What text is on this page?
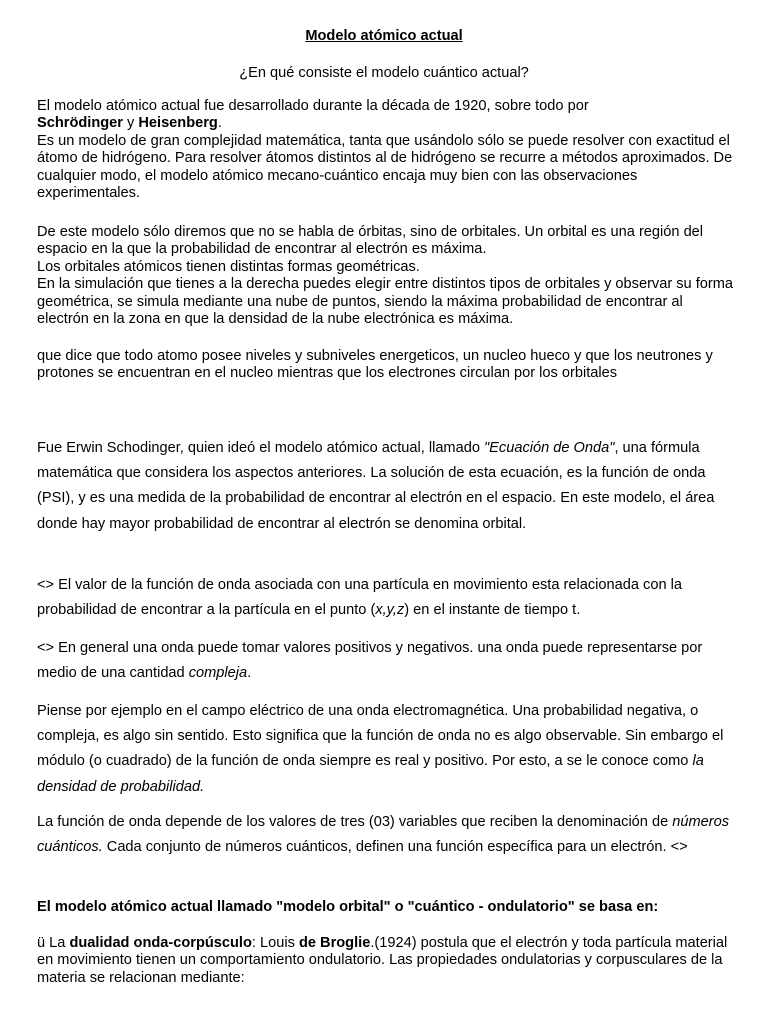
Modelo atómico actual

¿En qué consiste el modelo cuántico actual?

El modelo atómico actual fue desarrollado durante la década de 1920, sobre todo por
Schrödinger y Heisenberg.
Es un modelo de gran complejidad matemática, tanta que usándolo sólo se puede resolver con exactitud el átomo de hidrógeno. Para resolver átomos distintos al de hidrógeno se recurre a métodos aproximados. De cualquier modo, el modelo atómico mecano-cuántico encaja muy bien con las observaciones experimentales.

De este modelo sólo diremos que no se habla de órbitas, sino de orbitales. Un orbital es una región del espacio en la que la probabilidad de encontrar al electrón es máxima.
Los orbitales atómicos tienen distintas formas geométricas.
En la simulación que tienes a la derecha puedes elegir entre distintos tipos de orbitales y observar su forma geométrica, se simula mediante una nube de puntos, siendo la máxima probabilidad de encontrar al electrón en la zona en que la densidad de la nube electrónica es máxima.

que dice que todo atomo posee niveles y subniveles energeticos, un nucleo hueco y que los neutrones y protones se encuentran en el nucleo mientras que los electrones circulan por los orbitales

Fue Erwin Schodinger, quien ideó el modelo atómico actual, llamado "Ecuación de Onda", una fórmula matemática que considera los aspectos anteriores. La solución de esta ecuación, es la función de onda (PSI), y es una medida de la probabilidad de encontrar al electrón en el espacio. En este modelo, el área donde hay mayor probabilidad de encontrar al electrón se denomina orbital.

<> El valor de la función de onda asociada con una partícula en movimiento esta relacionada con la probabilidad de encontrar a la partícula en el punto (x,y,z) en el instante de tiempo t.

<> En general una onda puede tomar valores positivos y negativos. una onda puede representarse por medio de una cantidad compleja.

Piense por ejemplo en el campo eléctrico de una onda electromagnética. Una probabilidad negativa, o compleja, es algo sin sentido. Esto significa que la función de onda no es algo observable. Sin embargo el módulo (o cuadrado) de la función de onda siempre es real y positivo. Por esto, a se le conoce como la densidad de probabilidad.

La función de onda depende de los valores de tres (03) variables que reciben la denominación de números cuánticos. Cada conjunto de números cuánticos, definen una función específica para un electrón. <>

El modelo atómico actual llamado "modelo orbital" o "cuántico - ondulatorio" se basa en:

ü La dualidad onda-corpúsculo: Louis de Broglie.(1924) postula que el electrón y toda partícula material en movimiento tienen un comportamiento ondulatorio. Las propiedades ondulatorias y corpusculares de la materia se relacionan mediante:
